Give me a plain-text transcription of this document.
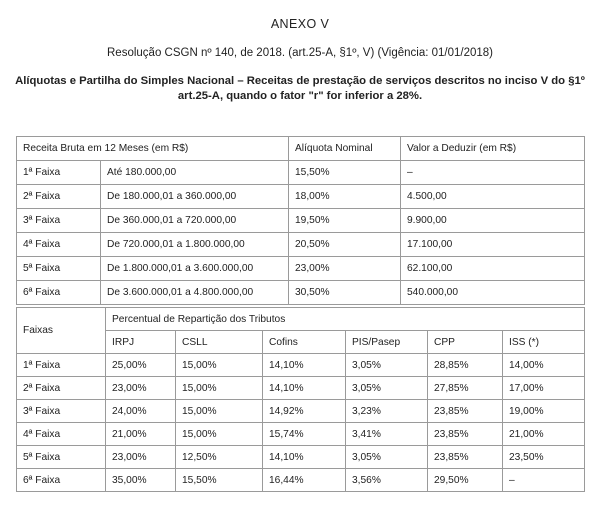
ANEXO V
Resolução CSGN nº 140, de 2018. (art.25-A, §1º, V) (Vigência: 01/01/2018)
Alíquotas e Partilha do Simples Nacional – Receitas de prestação de serviços descritos no inciso V do §1º art.25-A, quando o fator "r" for inferior a 28%.
Receita Bruta em 12 Meses (em R$)		Alíquota Nominal	Valor a Deduzir (em R$)
1ª Faixa	Até 180.000,00	15,50%	–
2ª Faixa	De 180.000,01 a 360.000,00	18,00%	4.500,00
3ª Faixa	De 360.000,01 a 720.000,00	19,50%	9.900,00
4ª Faixa	De 720.000,01 a 1.800.000,00	20,50%	17.100,00
5ª Faixa	De 1.800.000,01 a 3.600.000,00	23,00%	62.100,00
6ª Faixa	De 3.600.000,01 a 4.800.000,00	30,50%	540.000,00
Faixas	Percentual de Repartição dos Tributos					
	IRPJ	CSLL	Cofins	PIS/Pasep	CPP	ISS (*)
1ª Faixa	25,00%	15,00%	14,10%	3,05%	28,85%	14,00%
2ª Faixa	23,00%	15,00%	14,10%	3,05%	27,85%	17,00%
3ª Faixa	24,00%	15,00%	14,92%	3,23%	23,85%	19,00%
4ª Faixa	21,00%	15,00%	15,74%	3,41%	23,85%	21,00%
5ª Faixa	23,00%	12,50%	14,10%	3,05%	23,85%	23,50%
6ª Faixa	35,00%	15,50%	16,44%	3,56%	29,50%	–
